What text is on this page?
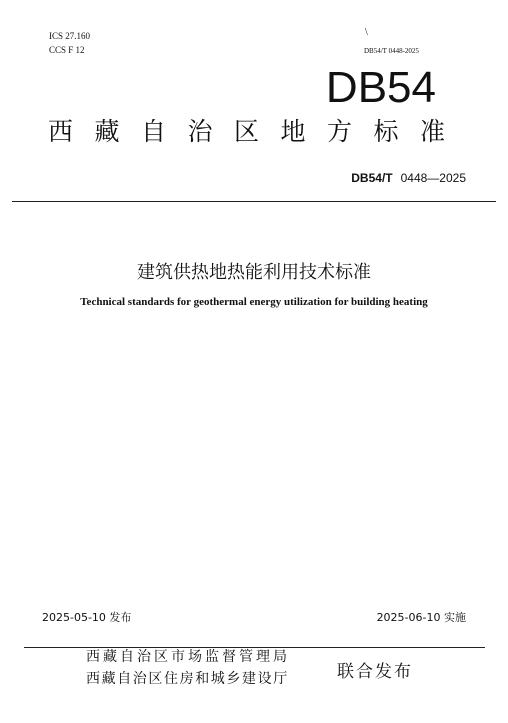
ICS 27.160
CCS F 12
\
DB54/T 0448-2025
DB54
西藏自治区地方标准
DB54/T 0448—2025
建筑供热地热能利用技术标准
Technical standards for geothermal energy utilization for building heating
2025-05-10 发布	2025-06-10 实施
西藏自治区市场监督管理局
西藏自治区住房和城乡建设厅	联合发布
